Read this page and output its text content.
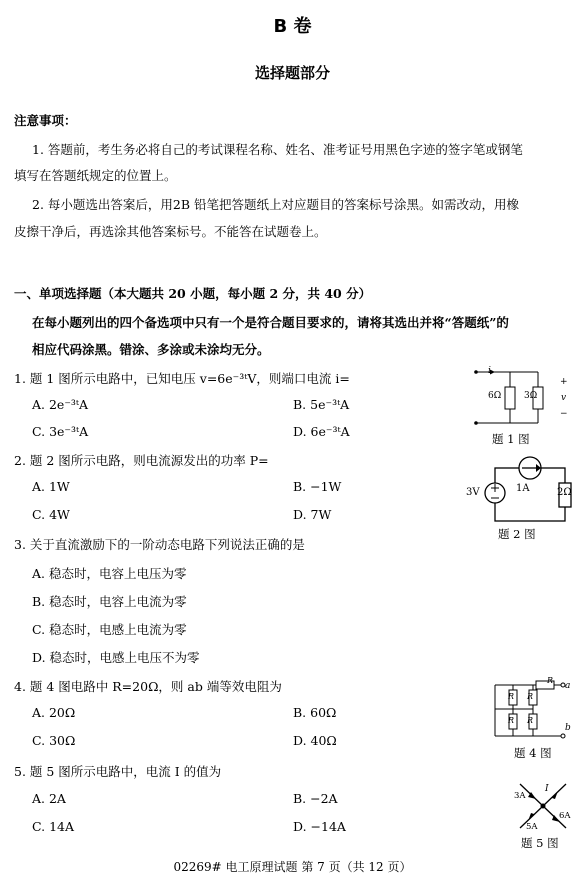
B 卷
选择题部分
注意事项：
1. 答题前，考生务必将自己的考试课程名称、姓名、准考证号用黑色字迹的签字笔或钢笔
填写在答题纸规定的位置上。
2. 每小题选出答案后，用2B 铅笔把答题纸上对应题目的答案标号涂黑。如需改动，用橡
皮擦干净后，再选涂其他答案标号。不能答在试题卷上。
一、单项选择题（本大题共 20 小题，每小题 2 分，共 40 分）
在每小题列出的四个备选项中只有一个是符合题目要求的，请将其选出并将“答题纸”的
相应代码涂黑。错涂、多涂或未涂均无分。
1. 题 1 图所示电路中，已知电压 v=6e⁻³ᵗV，则端口电流 i=
A. 2e⁻³ᵗA	B. 5e⁻³ᵗA
C. 3e⁻³ᵗA	D. 6e⁻³ᵗA
2. 题 2 图所示电路，则电流源发出的功率 P=
A. 1W	B. −1W
C. 4W	D. 7W
3. 关于直流激励下的一阶动态电路下列说法正确的是
A. 稳态时，电容上电压为零
B. 稳态时，电容上电流为零
C. 稳态时，电感上电流为零
D. 稳态时，电感上电压不为零
4. 题 4 图电路中 R=20Ω，则 ab 端等效电阻为
A. 20Ω	B. 60Ω
C. 30Ω	D. 40Ω
5. 题 5 图所示电路中，电流 I 的值为
A. 2A	B. −2A
C. 14A	D. −14A
i
6Ω	3Ω
+
v
−
题 1 图
3V	1A	2Ω
题 2 图
R
R
R
R
R
a
b
题 4 图
3A
I
6A
5A
题 5 图
02269# 电工原理试题 第 7 页（共 12 页）
